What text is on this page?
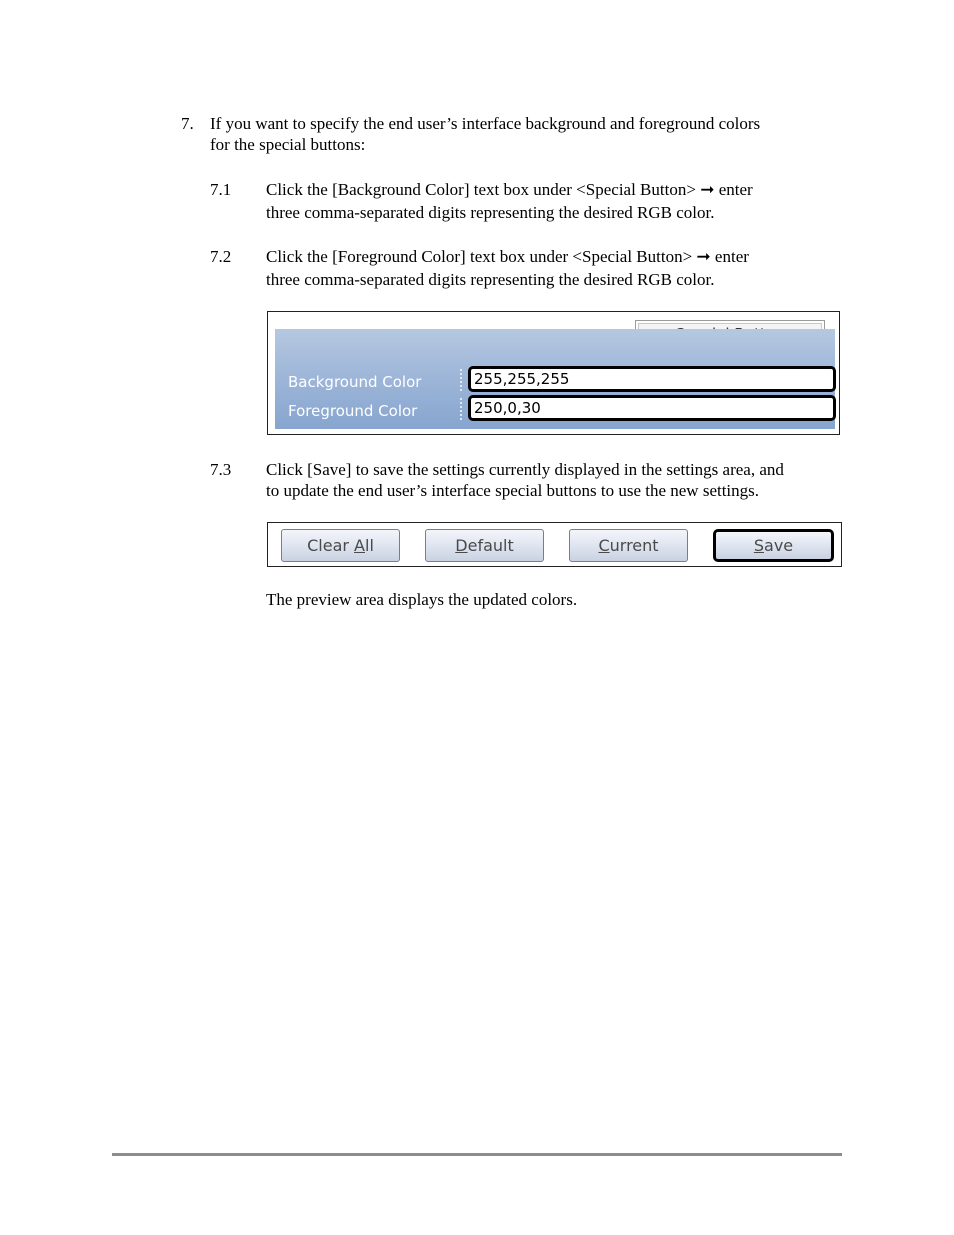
7. If you want to specify the end user’s interface background and foreground colors
for the special buttons:
7.1 Click the [Background Color] text box under <Special Button> ➞ enter
three comma-separated digits representing the desired RGB color.
7.2 Click the [Foreground Color] text box under <Special Button> ➞ enter
three comma-separated digits representing the desired RGB color.
Background Color	255,255,255
Foreground Color	250,0,30
7.3 Click [Save] to save the settings currently displayed in the settings area, and
to update the end user’s interface special buttons to use the new settings.
Clear A ll	D efault	C urrent	S ave
The preview area displays the updated colors.
